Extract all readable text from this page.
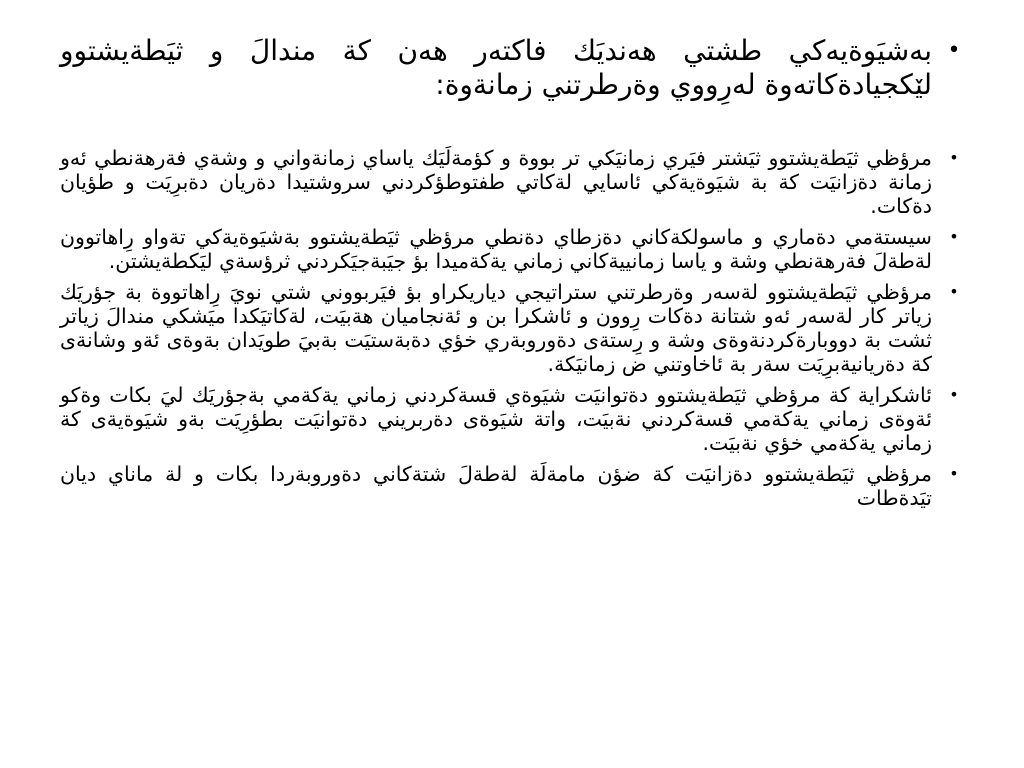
•
بەشیَوةیەکي طشتي هەندیَك فاکتەر هەن کة مندالَ و ثيَطةيشتوو لێکجیادةکاتەوة لەرِووي وةرطرتني زمانةوة:
•
مرؤظي ثيَطةيشتوو ثيَشتر فيَري زمانيَكي تر بووة و كؤمةلَيَك ياساي زمانةواني و وشةي فةرهةنطي ئەو زمانة دةزانيَت كة بة شيَوةيةكي ئاسايي لةكاتي طفتوطؤكردني سروشتيدا دةريان دةبرِيَت و طؤيان دةكات.
•
سيستةمي دةماري و ماسولكةكاني دةزطاي دةنطي مرؤظي ثيَطةيشتوو بةشيَوةيةكي تةواو رِاهاتوون لةطةلَ فةرهةنطي وشة و ياسا زمانييةكاني زماني يةكةمیدا بؤ جيَبةجيَكردني ثرؤسةي ليَكطةيشتن.
•
مرؤظي ثيَطةيشتوو لةسەر وةرطرتني ستراتيجي دياريكراو بؤ فيَربووني شتي نويَ رِاهاتووة بة جؤريَك زياتر كار لةسەر ئەو شتانة دةكات رِوون و ئاشكرا بن و ئةنجاميان هةبيَت، لةكاتيَكدا ميَشكي مندالَ زياتر ثشت بة دووبارةكردنةوةى وشة و رِستةى دةوروبةري خؤي دةبةستيَت بةبيَ طويَدان بةوةى ئةو وشانةى كة دةريانيةبرِيَت سةر بة ئاخاوتني ض زمانيَكة.
•
ئاشكراية كة مرؤظي ثيَطةيشتوو دةتوانيَت شيَوةي قسةكردني زماني يةكةمي بةجؤريَك ليَ بكات وةكو ئةوةى زماني يةكةمي قسةكردني نةبيَت، واتة شيَوةى دةربريني دةتوانيَت بطؤرِيَت بةو شيَوةيةى كة زماني يةكةمي خؤي نةبيَت.
•
مرؤظي ثيَطةيشتوو دةزانيَت كة ضؤن مامةلَة لةطةلَ شتةكاني دةوروبةردا بكات و لة ماناي ديان تيَدةطات
